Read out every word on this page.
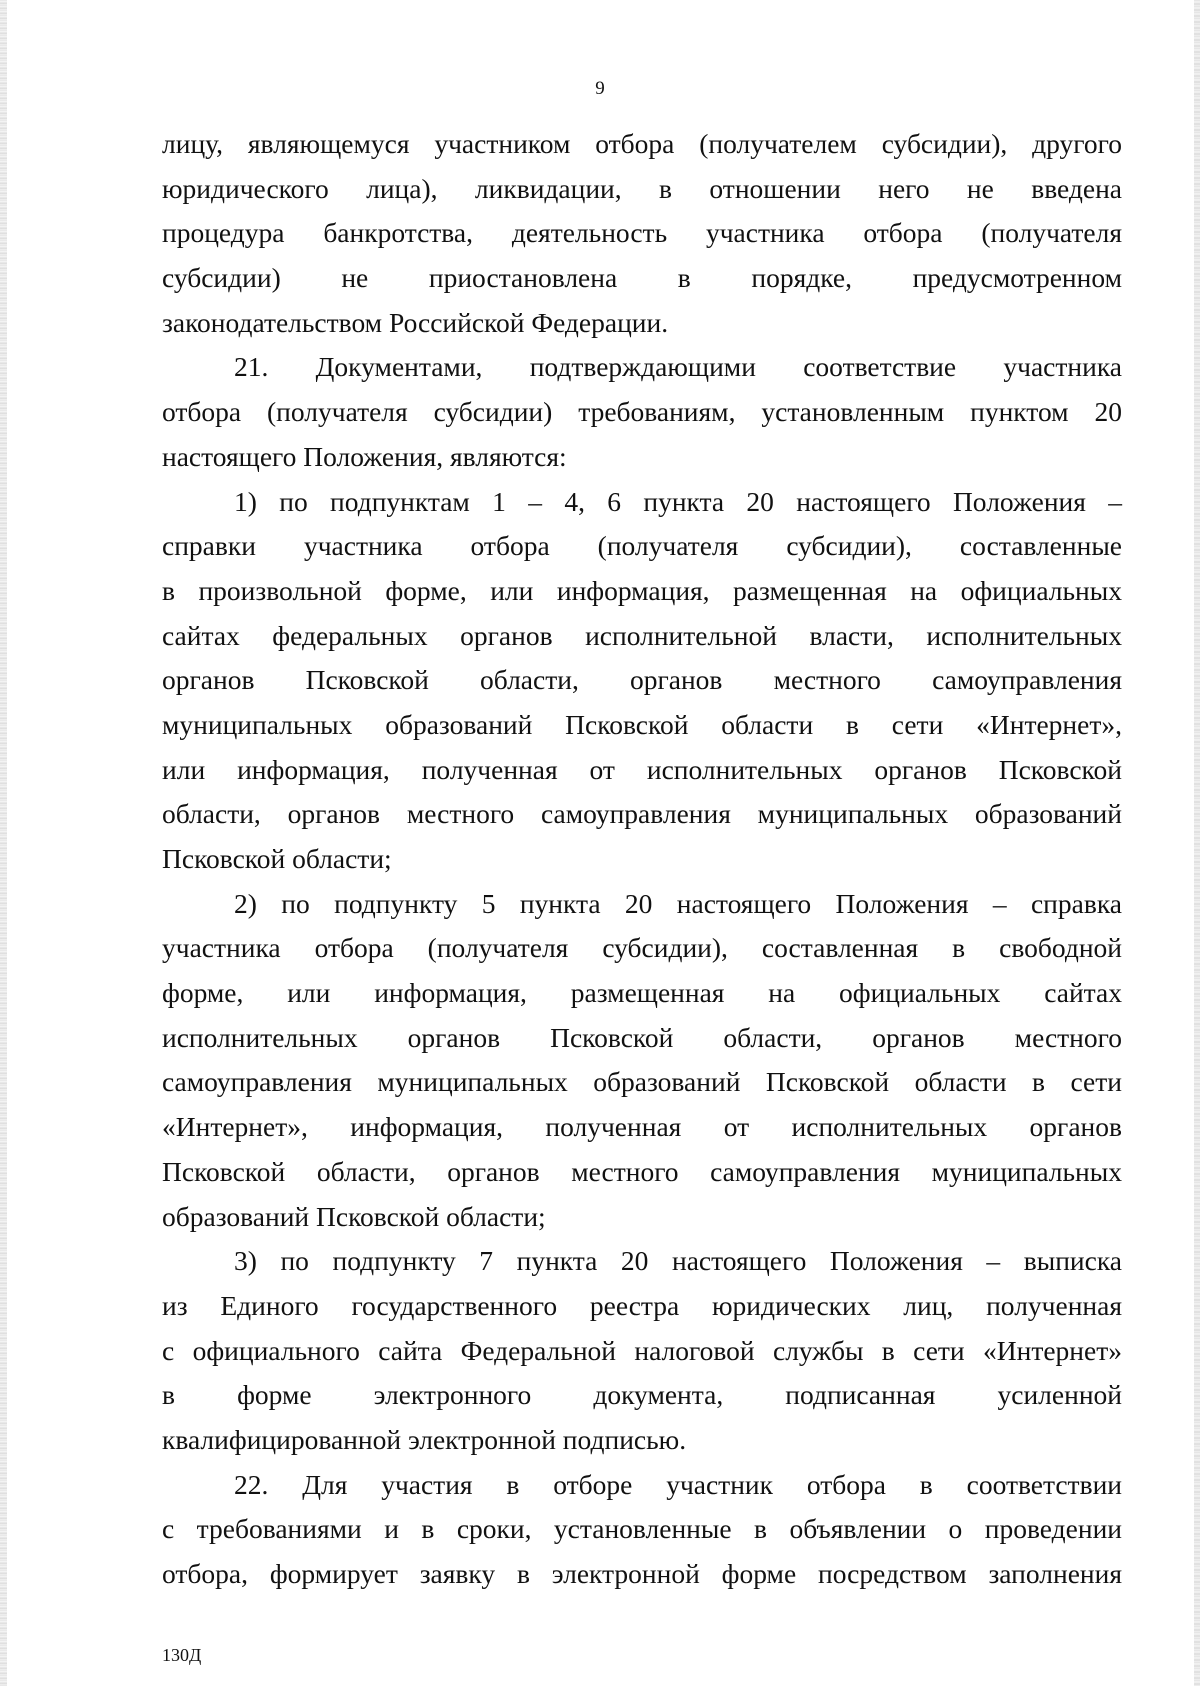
9
лицу, являющемуся участником отбора (получателем субсидии), другого
юридического лица), ликвидации, в отношении него не введена
процедура банкротства, деятельность участника отбора (получателя
субсидии) не приостановлена в порядке, предусмотренном
законодательством Российской Федерации.
21. Документами, подтверждающими соответствие участника
отбора (получателя субсидии) требованиям, установленным пунктом 20
настоящего Положения, являются:
1) по подпунктам 1 – 4, 6 пункта 20 настоящего Положения –
справки участника отбора (получателя субсидии), составленные
в произвольной форме, или информация, размещенная на официальных
сайтах федеральных органов исполнительной власти, исполнительных
органов Псковской области, органов местного самоуправления
муниципальных образований Псковской области в сети «Интернет»,
или информация, полученная от исполнительных органов Псковской
области, органов местного самоуправления муниципальных образований
Псковской области;
2) по подпункту 5 пункта 20 настоящего Положения – справка
участника отбора (получателя субсидии), составленная в свободной
форме, или информация, размещенная на официальных сайтах
исполнительных органов Псковской области, органов местного
самоуправления муниципальных образований Псковской области в сети
«Интернет», информация, полученная от исполнительных органов
Псковской области, органов местного самоуправления муниципальных
образований Псковской области;
3) по подпункту 7 пункта 20 настоящего Положения – выписка
из Единого государственного реестра юридических лиц, полученная
с официального сайта Федеральной налоговой службы в сети «Интернет»
в форме электронного документа, подписанная усиленной
квалифицированной электронной подписью.
22. Для участия в отборе участник отбора в соответствии
с требованиями и в сроки, установленные в объявлении о проведении
отбора, формирует заявку в электронной форме посредством заполнения
130Д
